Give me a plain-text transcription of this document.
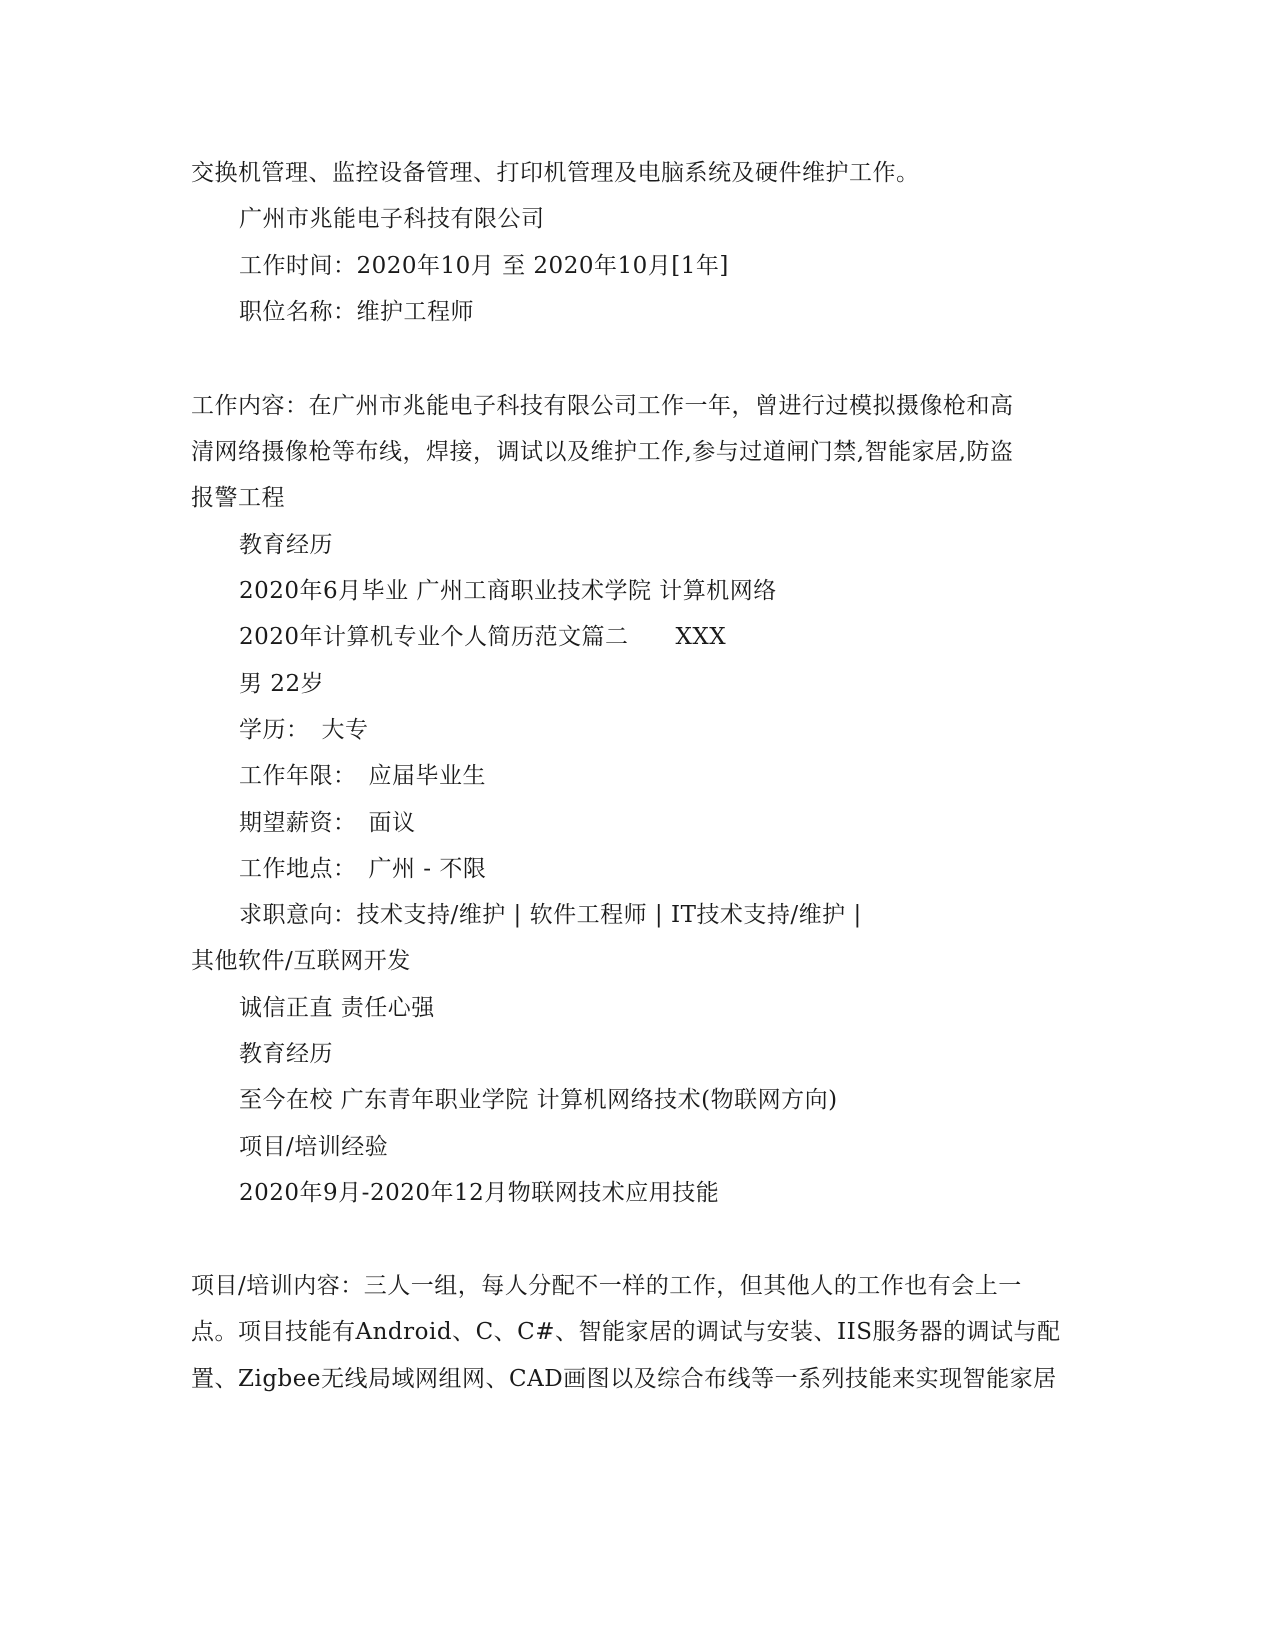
交换机管理、监控设备管理、打印机管理及电脑系统及硬件维护工作。

广州市兆能电子科技有限公司

工作时间：2020年10月 至 2020年10月[1年]

职位名称：维护工程师

工作内容：在广州市兆能电子科技有限公司工作一年，曾进行过模拟摄像枪和高

清网络摄像枪等布线，焊接，调试以及维护工作,参与过道闸门禁,智能家居,防盗

报警工程

教育经历

2020年6月毕业 广州工商职业技术学院 计算机网络

2020年计算机专业个人简历范文篇二　　XXX

男 22岁

学历：　大专

工作年限：　应届毕业生

期望薪资：　面议

工作地点：　广州 - 不限

求职意向：技术支持/维护 | 软件工程师 | IT技术支持/维护 |

其他软件/互联网开发

诚信正直 责任心强

教育经历

至今在校 广东青年职业学院 计算机网络技术(物联网方向)

项目/培训经验

2020年9月-2020年12月物联网技术应用技能

项目/培训内容：三人一组，每人分配不一样的工作，但其他人的工作也有会上一

点。项目技能有Android、C、C#、智能家居的调试与安装、IIS服务器的调试与配

置、Zigbee无线局域网组网、CAD画图以及综合布线等一系列技能来实现智能家居
